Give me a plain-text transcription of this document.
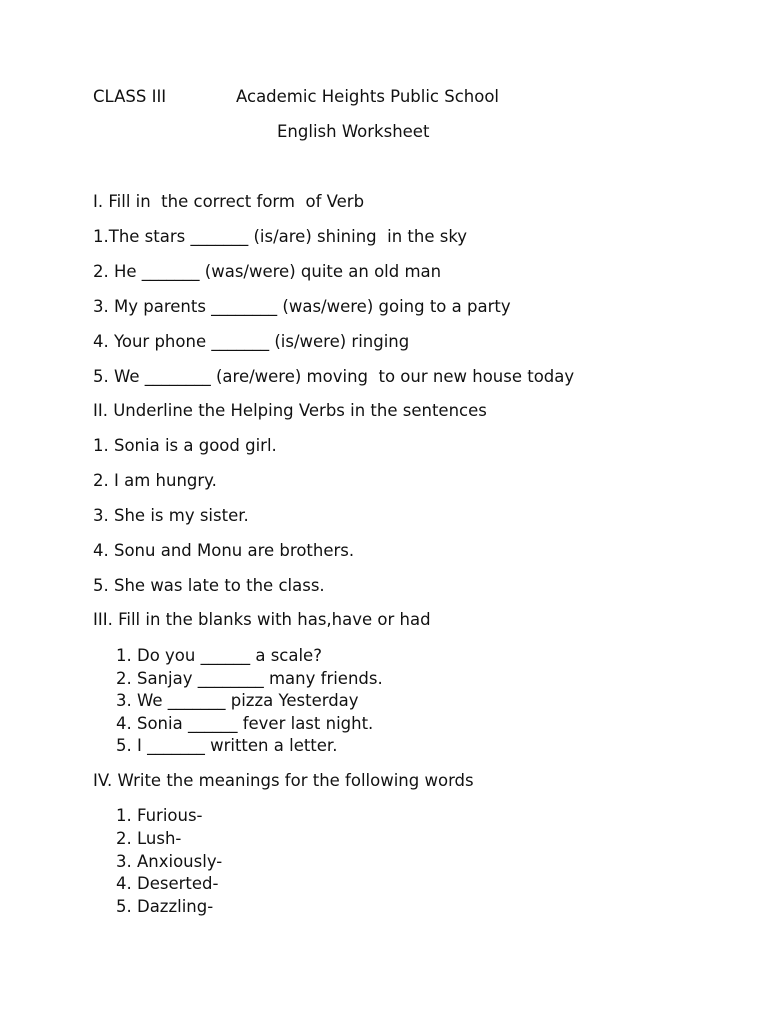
CLASS III	Academic Heights Public School
English Worksheet
I. Fill in  the correct form  of Verb
1.The stars _______ (is/are) shining  in the sky
2. He _______ (was/were) quite an old man
3. My parents ________ (was/were) going to a party
4. Your phone _______ (is/were) ringing
5. We ________ (are/were) moving  to our new house today
II. Underline the Helping Verbs in the sentences
1. Sonia is a good girl.
2. I am hungry.
3. She is my sister.
4. Sonu and Monu are brothers.
5. She was late to the class.
III. Fill in the blanks with has,have or had
1. Do you ______ a scale?
2. Sanjay ________ many friends.
3. We _______ pizza Yesterday
4. Sonia ______ fever last night.
5. I _______ written a letter.
IV. Write the meanings for the following words
1. Furious-
2. Lush-
3. Anxiously-
4. Deserted-
5. Dazzling-
